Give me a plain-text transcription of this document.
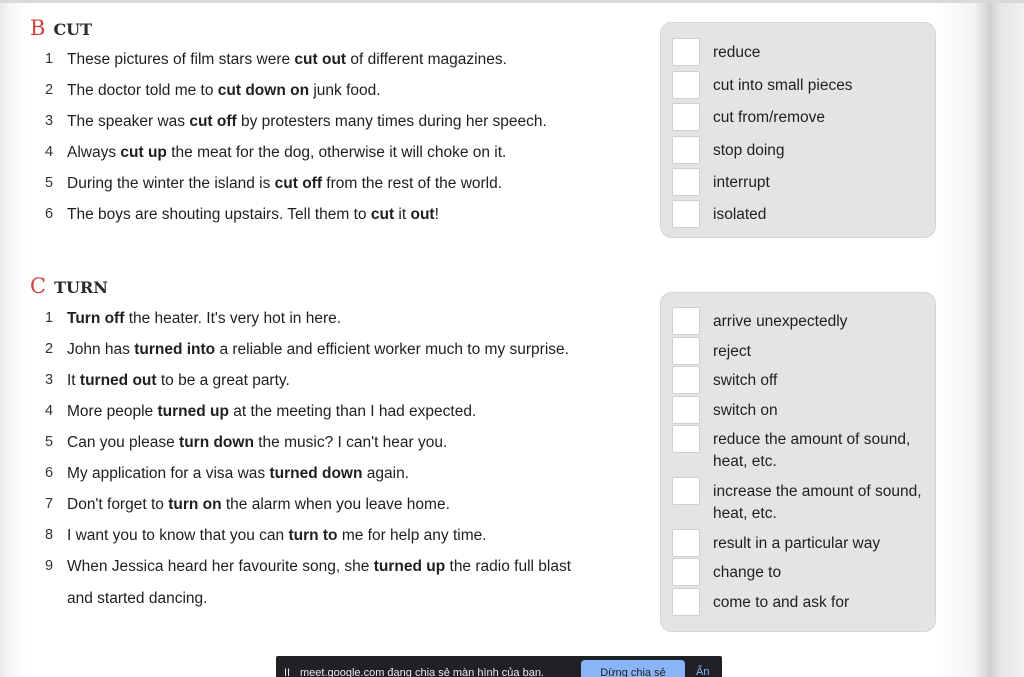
B CUT
1 These pictures of film stars were cut out of different magazines.
2 The doctor told me to cut down on junk food.
3 The speaker was cut off by protesters many times during her speech.
4 Always cut up the meat for the dog, otherwise it will choke on it.
5 During the winter the island is cut off from the rest of the world.
6 The boys are shouting upstairs. Tell them to cut it out!
reduce
cut into small pieces
cut from/remove
stop doing
interrupt
isolated
C TURN
1 Turn off the heater. It's very hot in here.
2 John has turned into a reliable and efficient worker much to my surprise.
3 It turned out to be a great party.
4 More people turned up at the meeting than I had expected.
5 Can you please turn down the music? I can't hear you.
6 My application for a visa was turned down again.
7 Don't forget to turn on the alarm when you leave home.
8 I want you to know that you can turn to me for help any time.
9 When Jessica heard her favourite song, she turned up the radio full blast
and started dancing.
arrive unexpectedly
reject
switch off
switch on
reduce the amount of sound,
heat, etc.
increase the amount of sound,
heat, etc.
result in a particular way
change to
come to and ask for
II meet.google.com đang chia sẻ màn hình của bạn.	Dừng chia sẻ	Ẩn
